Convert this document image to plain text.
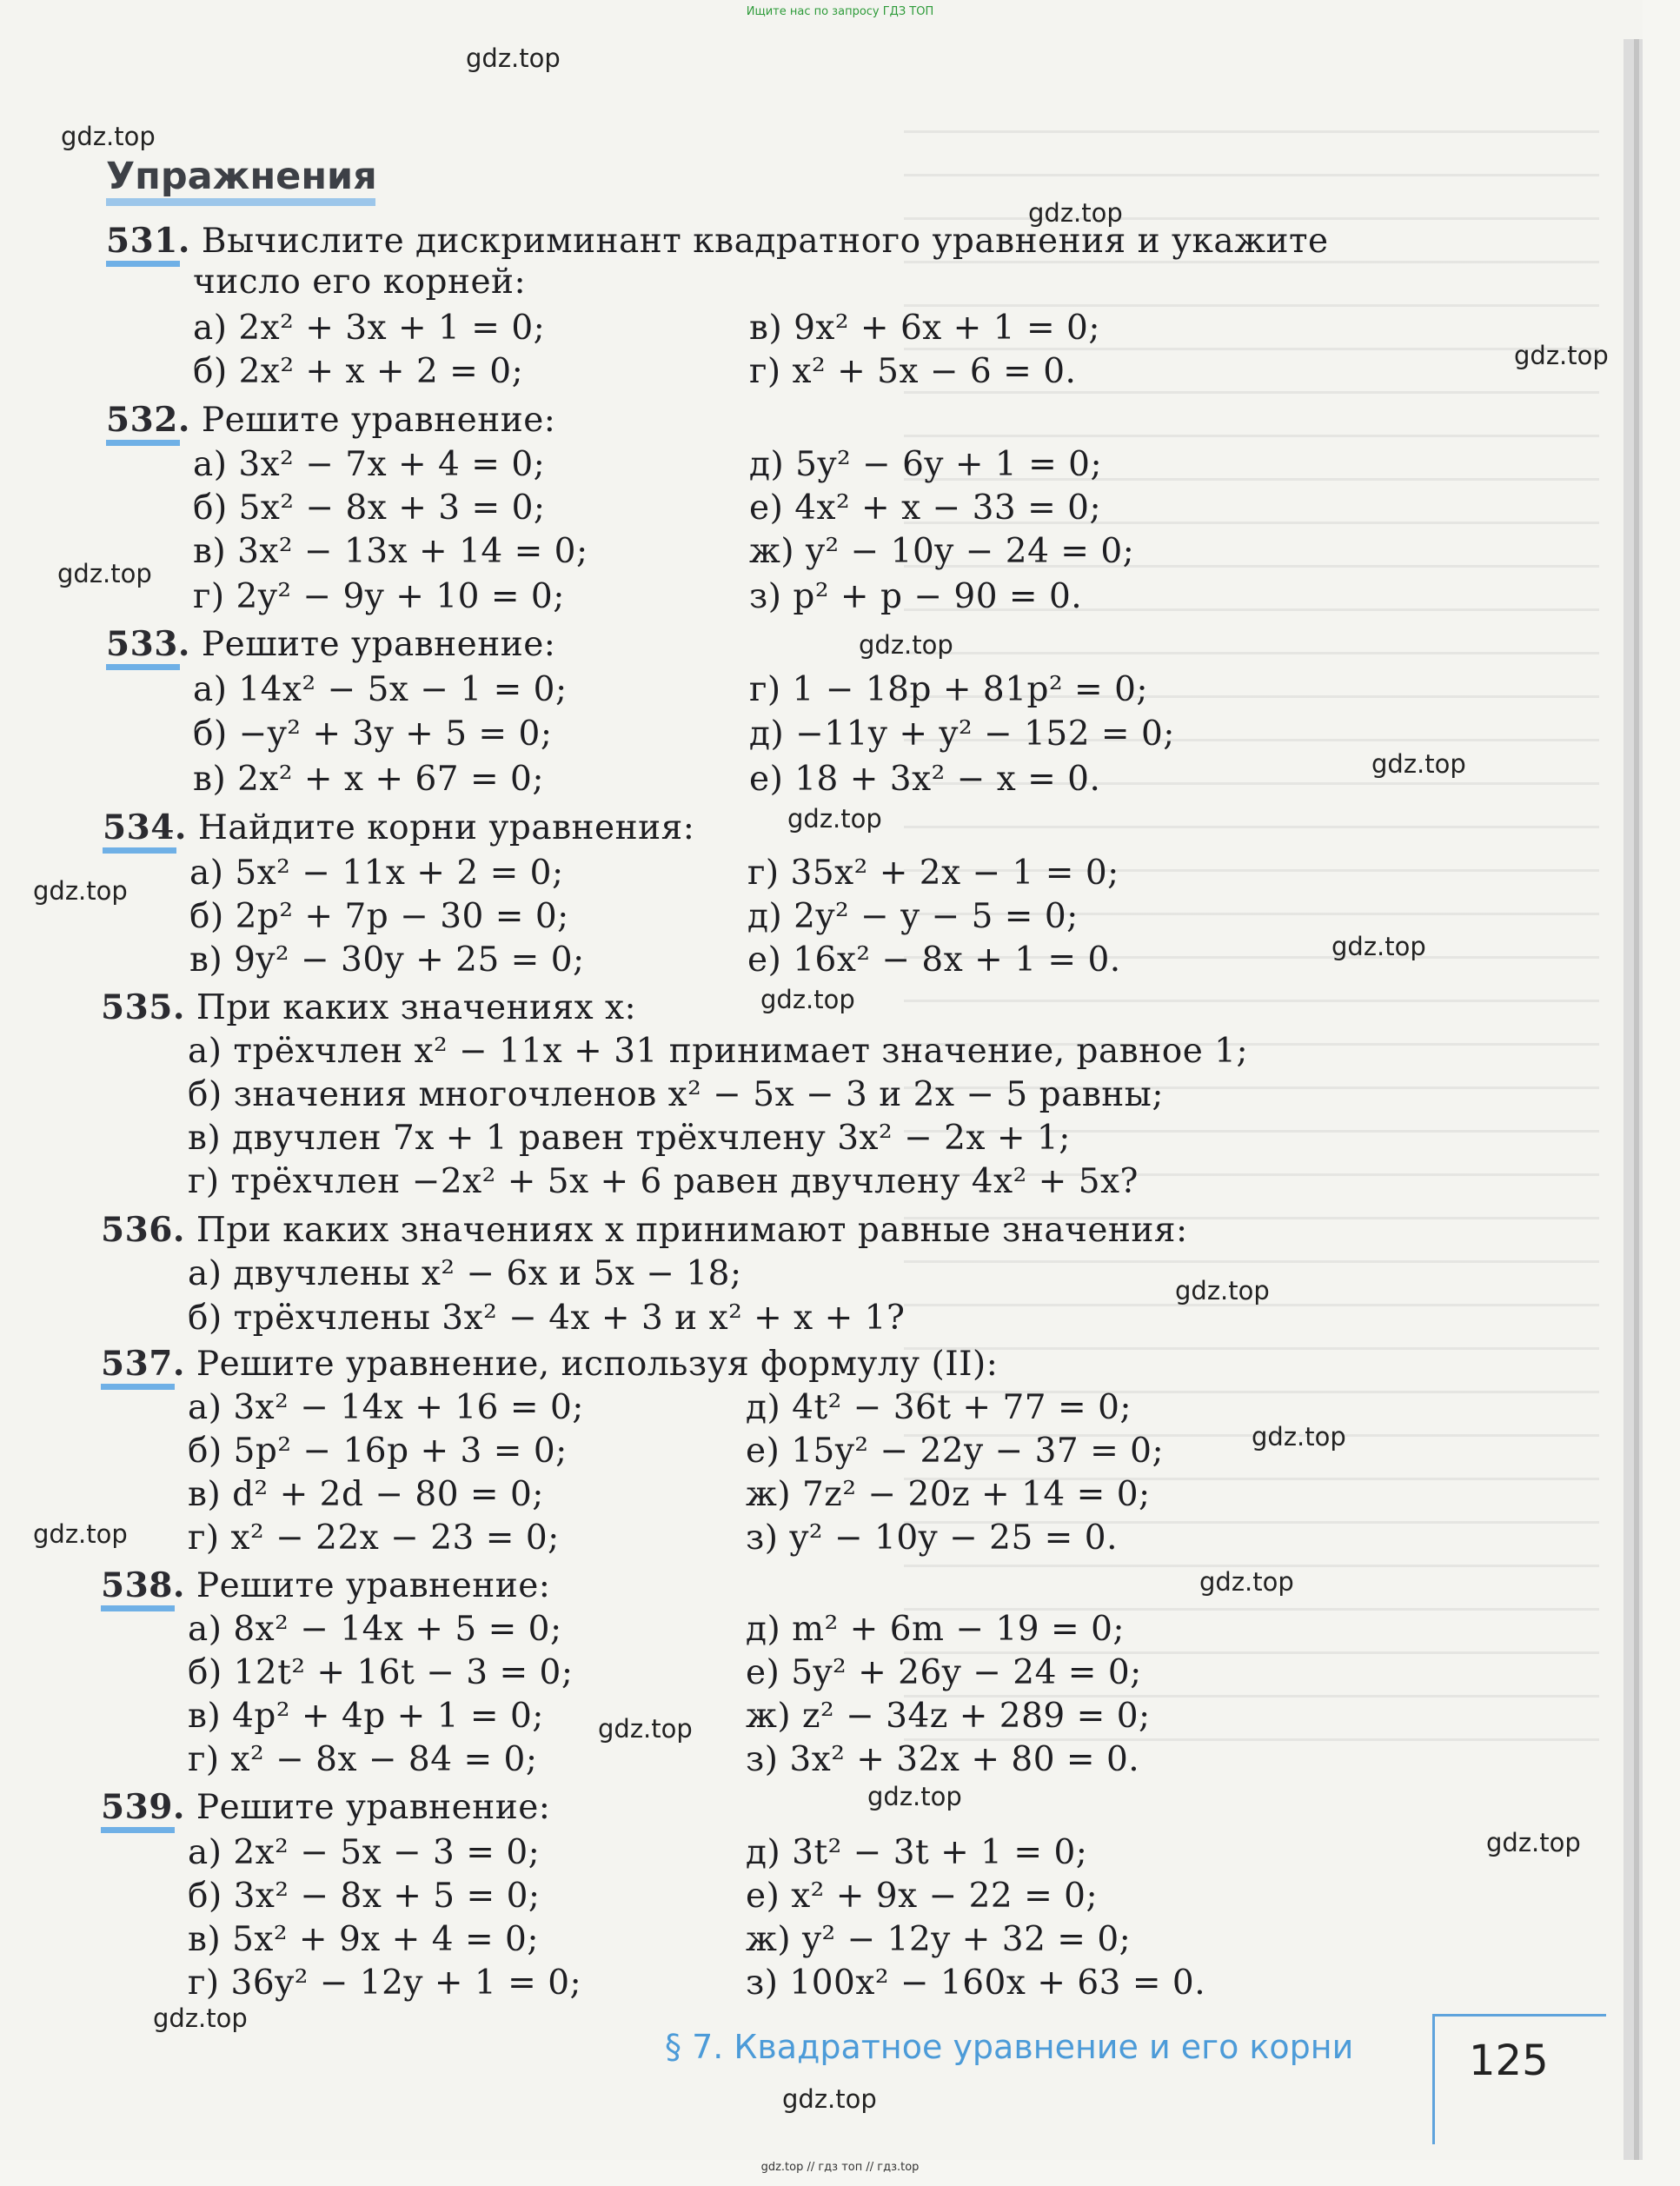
Ищите нас по запросу ГДЗ ТОП
Упражнения
531. Вычислите дискриминант квадратного уравнения и укажите
число его корней:
а) 2x² + 3x + 1 = 0;
б) 2x² + x + 2 = 0;
в) 9x² + 6x + 1 = 0;
г) x² + 5x − 6 = 0.
532. Решите уравнение:
а) 3x² − 7x + 4 = 0;
б) 5x² − 8x + 3 = 0;
в) 3x² − 13x + 14 = 0;
г) 2y² − 9y + 10 = 0;
д) 5y² − 6y + 1 = 0;
е) 4x² + x − 33 = 0;
ж) y² − 10y − 24 = 0;
з) p² + p − 90 = 0.
533. Решите уравнение:
а) 14x² − 5x − 1 = 0;
б) −y² + 3y + 5 = 0;
в) 2x² + x + 67 = 0;
г) 1 − 18p + 81p² = 0;
д) −11y + y² − 152 = 0;
е) 18 + 3x² − x = 0.
534. Найдите корни уравнения:
а) 5x² − 11x + 2 = 0;
б) 2p² + 7p − 30 = 0;
в) 9y² − 30y + 25 = 0;
г) 35x² + 2x − 1 = 0;
д) 2y² − y − 5 = 0;
е) 16x² − 8x + 1 = 0.
535. При каких значениях x:
а) трёхчлен x² − 11x + 31 принимает значение, равное 1;
б) значения многочленов x² − 5x − 3 и 2x − 5 равны;
в) двучлен 7x + 1 равен трёхчлену 3x² − 2x + 1;
г) трёхчлен −2x² + 5x + 6 равен двучлену 4x² + 5x?
536. При каких значениях x принимают равные значения:
а) двучлены x² − 6x и 5x − 18;
б) трёхчлены 3x² − 4x + 3 и x² + x + 1?
537. Решите уравнение, используя формулу (II):
а) 3x² − 14x + 16 = 0;
б) 5p² − 16p + 3 = 0;
в) d² + 2d − 80 = 0;
г) x² − 22x − 23 = 0;
д) 4t² − 36t + 77 = 0;
е) 15y² − 22y − 37 = 0;
ж) 7z² − 20z + 14 = 0;
з) y² − 10y − 25 = 0.
538. Решите уравнение:
а) 8x² − 14x + 5 = 0;
б) 12t² + 16t − 3 = 0;
в) 4p² + 4p + 1 = 0;
г) x² − 8x − 84 = 0;
д) m² + 6m − 19 = 0;
е) 5y² + 26y − 24 = 0;
ж) z² − 34z + 289 = 0;
з) 3x² + 32x + 80 = 0.
539. Решите уравнение:
а) 2x² − 5x − 3 = 0;
б) 3x² − 8x + 5 = 0;
в) 5x² + 9x + 4 = 0;
г) 36y² − 12y + 1 = 0;
д) 3t² − 3t + 1 = 0;
е) x² + 9x − 22 = 0;
ж) y² − 12y + 32 = 0;
з) 100x² − 160x + 63 = 0.
§ 7. Квадратное уравнение и его корни	125
gdz.top
gdz.top
gdz.top
gdz.top
gdz.top
gdz.top
gdz.top
gdz.top
gdz.top
gdz.top
gdz.top
gdz.top
gdz.top
gdz.top
gdz.top
gdz.top
gdz.top
gdz.top
gdz.top
gdz.top
gdz.top // гдз топ // гдз.top
